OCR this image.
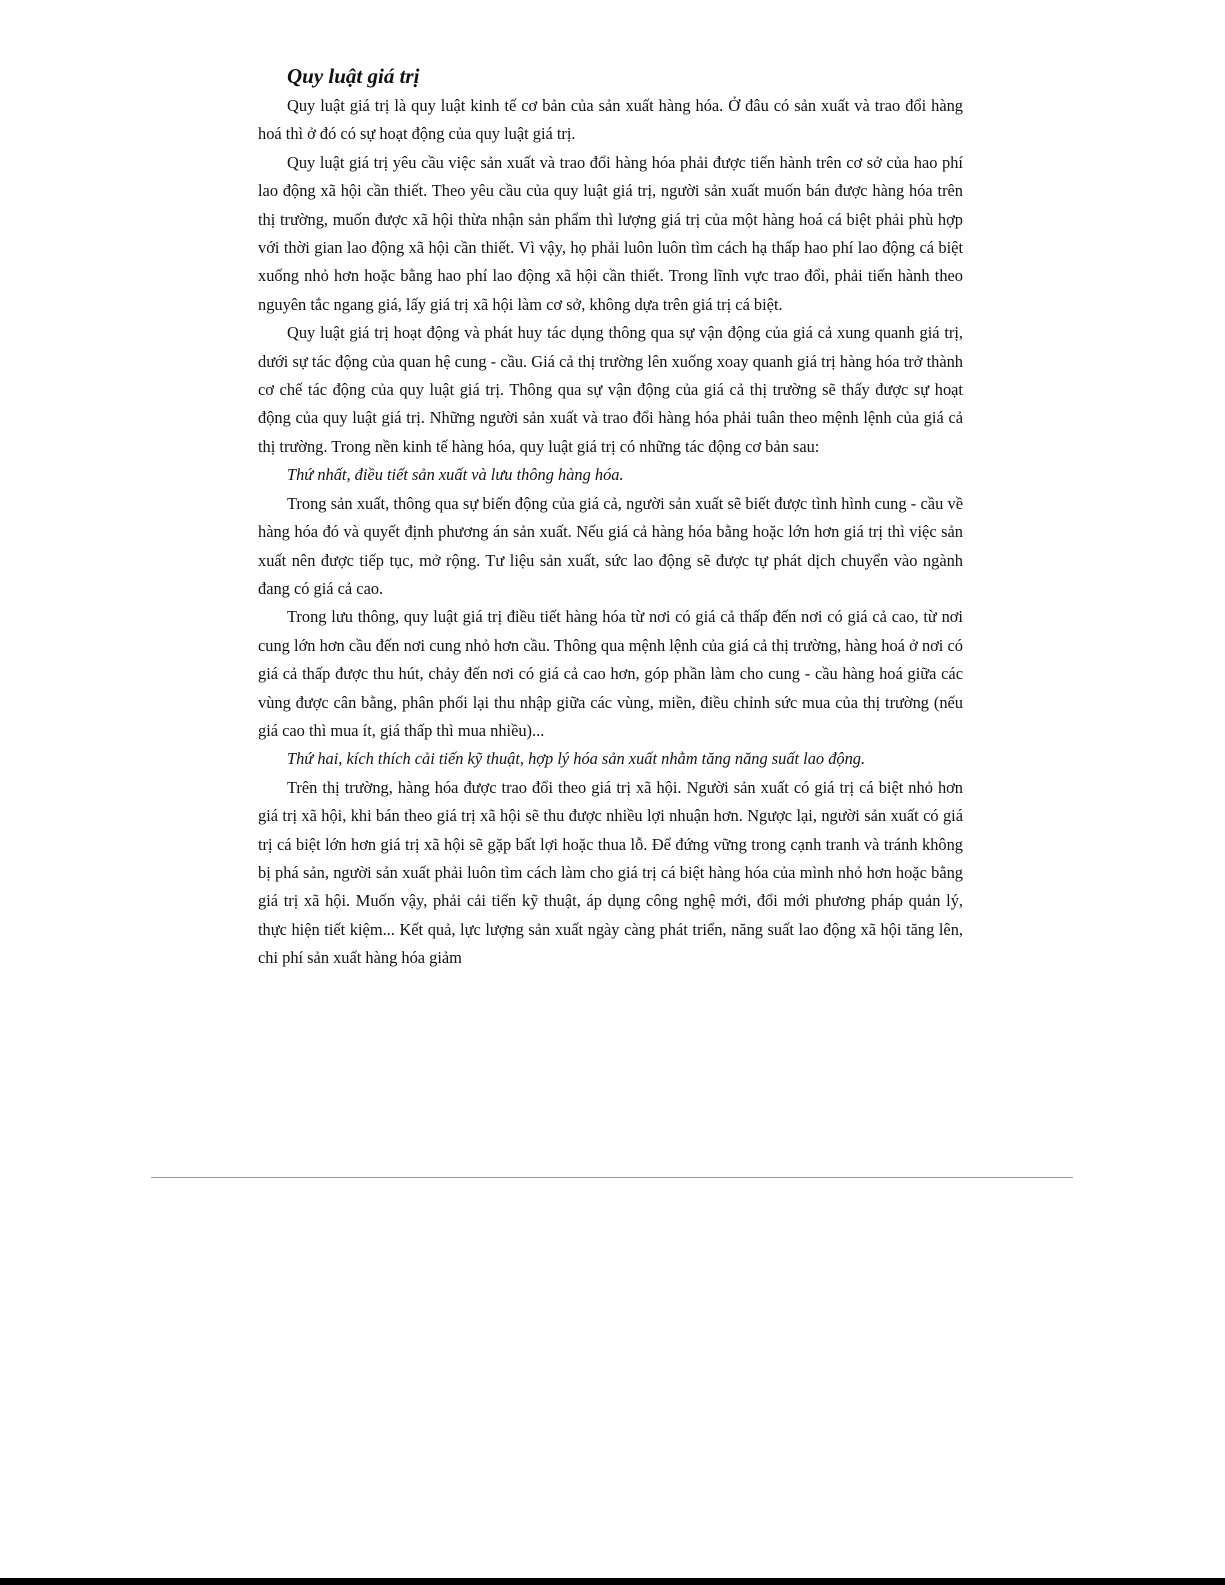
Quy luật giá trị

Quy luật giá trị là quy luật kinh tế cơ bản của sản xuất hàng hóa. Ở đâu có sản xuất và trao đổi hàng hoá thì ở đó có sự hoạt động của quy luật giá trị.

Quy luật giá trị yêu cầu việc sản xuất và trao đổi hàng hóa phải được tiến hành trên cơ sở của hao phí lao động xã hội cần thiết. Theo yêu cầu của quy luật giá trị, người sản xuất muốn bán được hàng hóa trên thị trường, muốn được xã hội thừa nhận sản phẩm thì lượng giá trị của một hàng hoá cá biệt phải phù hợp với thời gian lao động xã hội cần thiết. Vì vậy, họ phải luôn luôn tìm cách hạ thấp hao phí lao động cá biệt xuống nhỏ hơn hoặc bằng hao phí lao động xã hội cần thiết. Trong lĩnh vực trao đổi, phải tiến hành theo nguyên tắc ngang giá, lấy giá trị xã hội làm cơ sở, không dựa trên giá trị cá biệt.

Quy luật giá trị hoạt động và phát huy tác dụng thông qua sự vận động của giá cả xung quanh giá trị, dưới sự tác động của quan hệ cung - cầu. Giá cả thị trường lên xuống xoay quanh giá trị hàng hóa trở thành cơ chế tác động của quy luật giá trị. Thông qua sự vận động của giá cả thị trường sẽ thấy được sự hoạt động của quy luật giá trị. Những người sản xuất và trao đổi hàng hóa phải tuân theo mệnh lệnh của giá cả thị trường. Trong nền kinh tế hàng hóa, quy luật giá trị có những tác động cơ bản sau:

Thứ nhất, điều tiết sản xuất và lưu thông hàng hóa.

Trong sản xuất, thông qua sự biến động của giá cả, người sản xuất sẽ biết được tình hình cung - cầu về hàng hóa đó và quyết định phương án sản xuất. Nếu giá cả hàng hóa bằng hoặc lớn hơn giá trị thì việc sản xuất nên được tiếp tục, mở rộng. Tư liệu sản xuất, sức lao động sẽ được tự phát dịch chuyển vào ngành đang có giá cả cao.

Trong lưu thông, quy luật giá trị điều tiết hàng hóa từ nơi có giá cả thấp đến nơi có giá cả cao, từ nơi cung lớn hơn cầu đến nơi cung nhỏ hơn cầu. Thông qua mệnh lệnh của giá cả thị trường, hàng hoá ở nơi có giá cả thấp được thu hút, chảy đến nơi có giá cả cao hơn, góp phần làm cho cung - cầu hàng hoá giữa các vùng được cân bằng, phân phối lại thu nhập giữa các vùng, miền, điều chỉnh sức mua của thị trường (nếu giá cao thì mua ít, giá thấp thì mua nhiều)...

Thứ hai, kích thích cải tiến kỹ thuật, hợp lý hóa sản xuất nhằm tăng năng suất lao động.

Trên thị trường, hàng hóa được trao đổi theo giá trị xã hội. Người sản xuất có giá trị cá biệt nhỏ hơn giá trị xã hội, khi bán theo giá trị xã hội sẽ thu được nhiều lợi nhuận hơn. Ngược lại, người sản xuất có giá trị cá biệt lớn hơn giá trị xã hội sẽ gặp bất lợi hoặc thua lỗ. Để đứng vững trong cạnh tranh và tránh không bị phá sản, người sản xuất phải luôn tìm cách làm cho giá trị cá biệt hàng hóa của mình nhỏ hơn hoặc bằng giá trị xã hội. Muốn vậy, phải cải tiến kỹ thuật, áp dụng công nghệ mới, đổi mới phương pháp quản lý, thực hiện tiết kiệm... Kết quả, lực lượng sản xuất ngày càng phát triển, năng suất lao động xã hội tăng lên, chi phí sản xuất hàng hóa giảm
